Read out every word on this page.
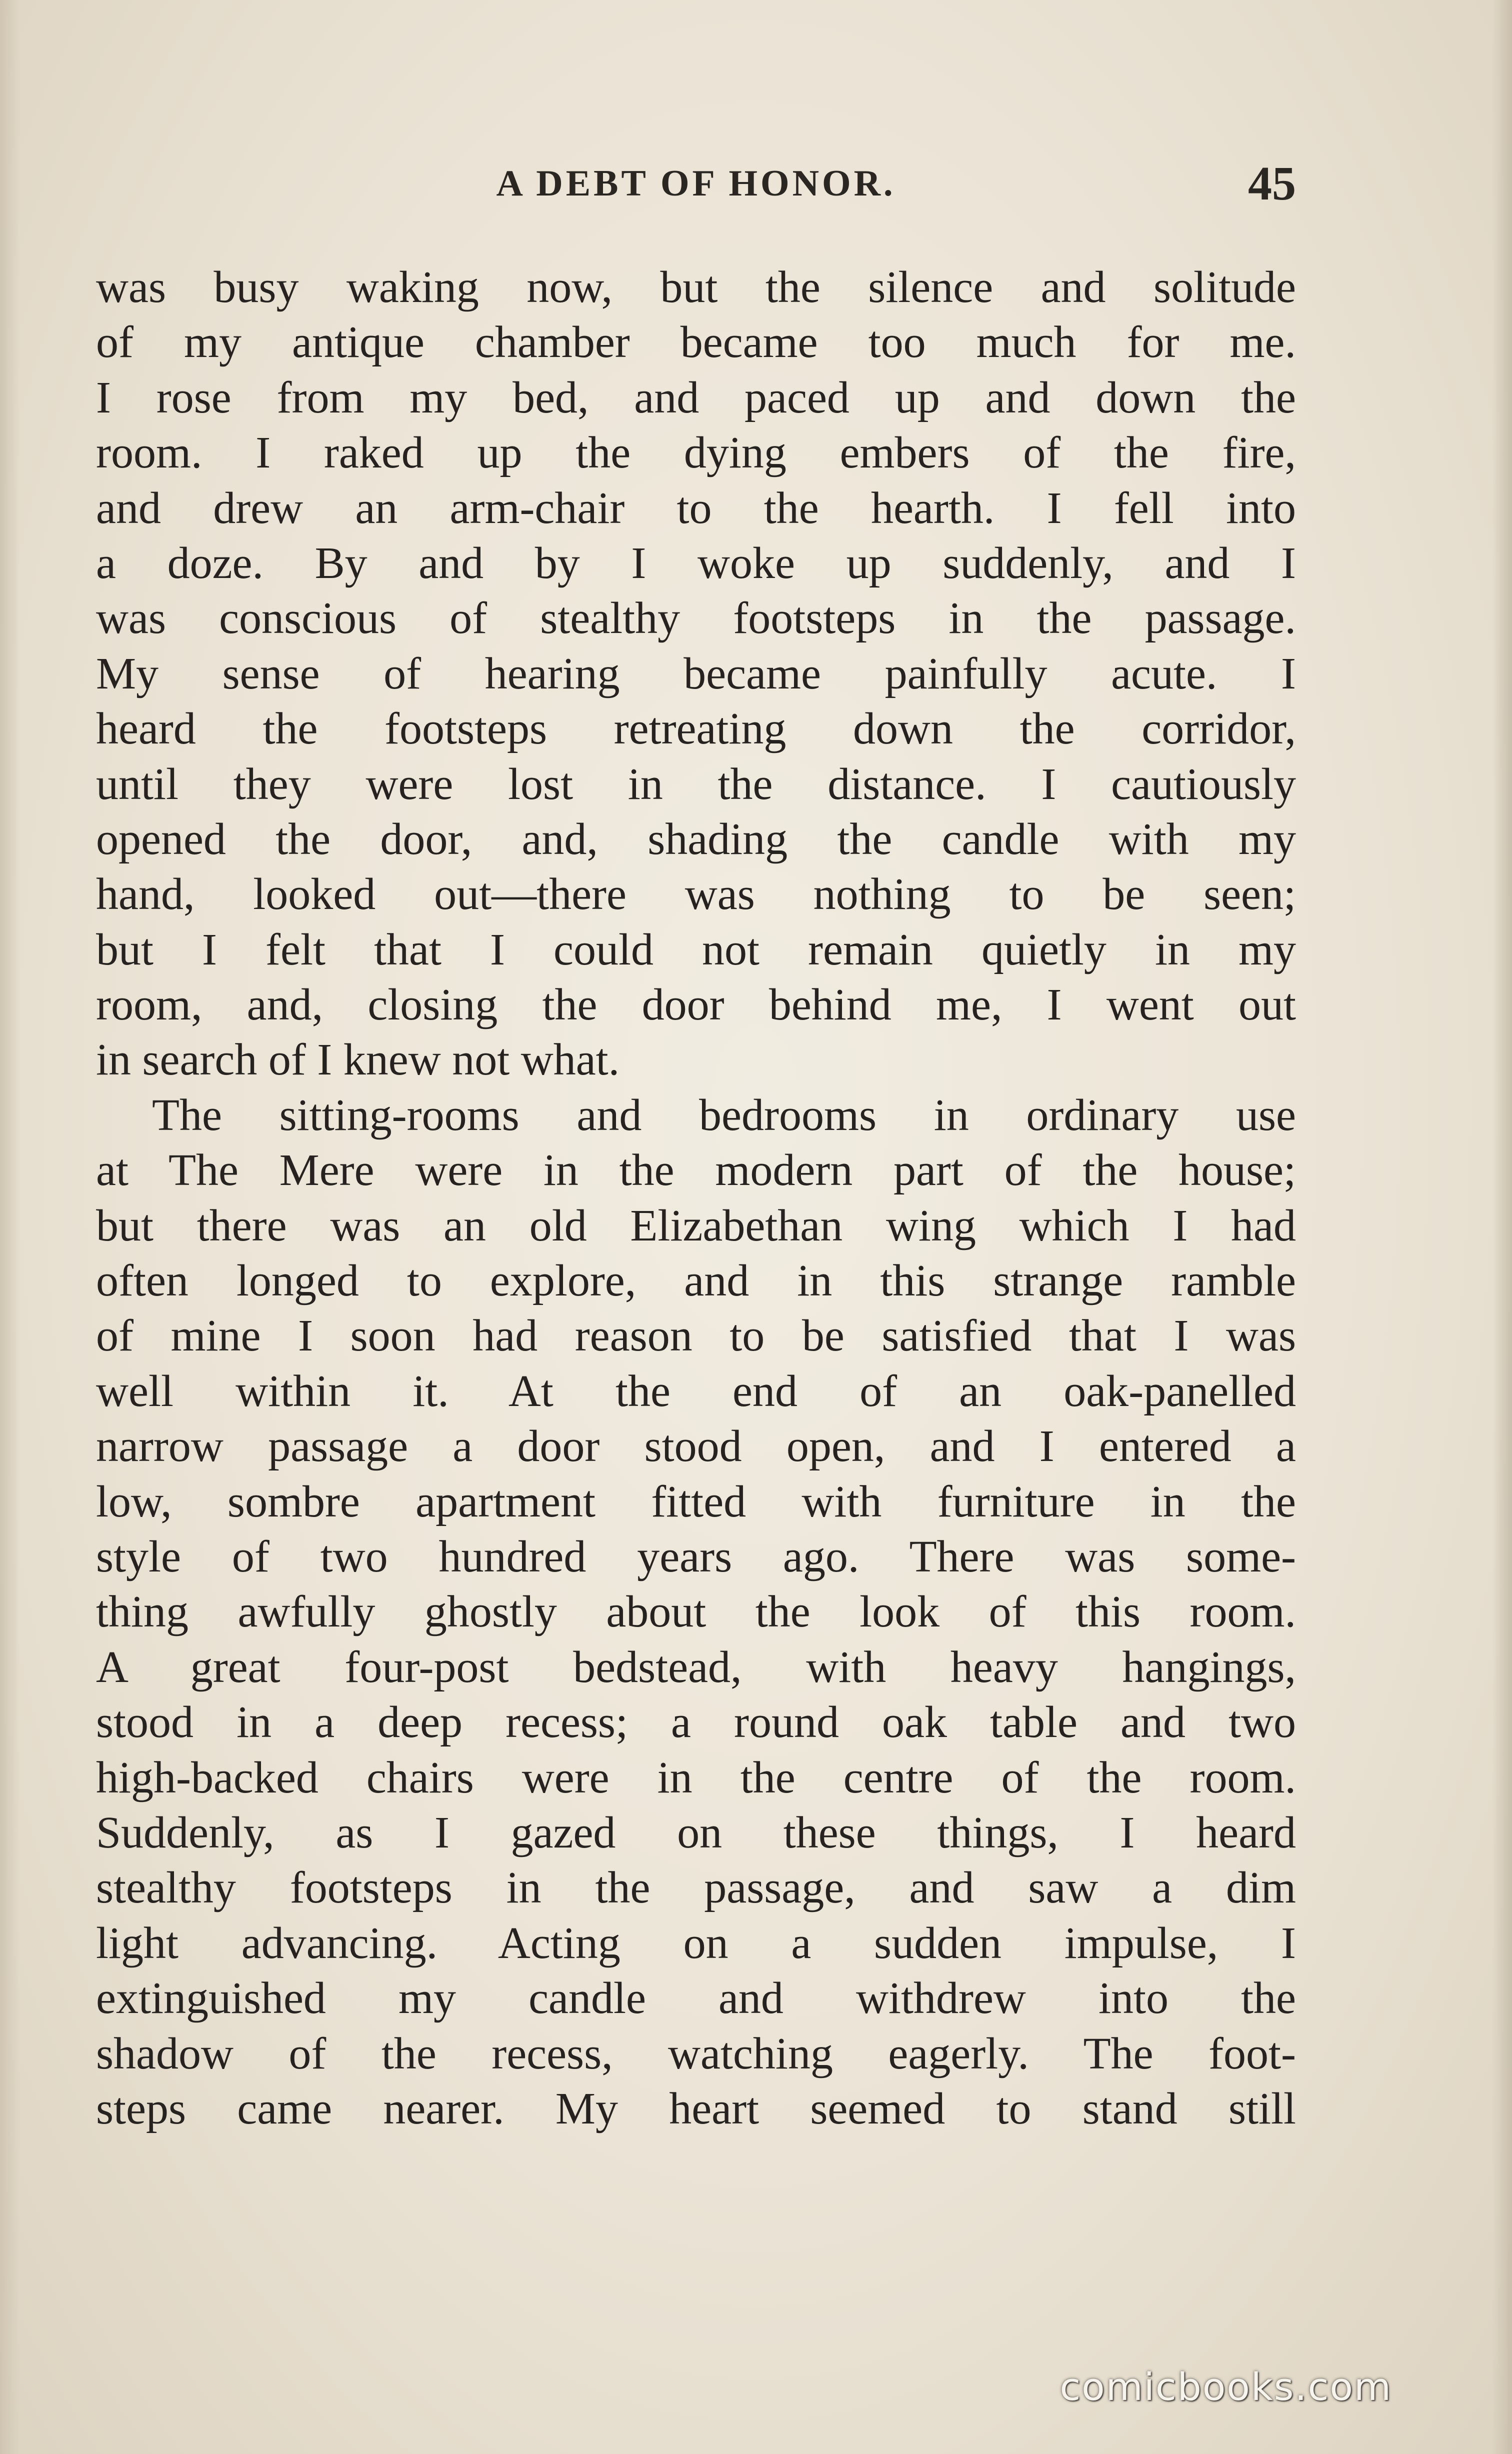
A DEBT OF HONOR.	45
was busy waking now, but the silence and solitude
of my antique chamber became too much for me.
I rose from my bed, and paced up and down the
room. I raked up the dying embers of the fire,
and drew an arm-chair to the hearth. I fell into
a doze. By and by I woke up suddenly, and I
was conscious of stealthy footsteps in the passage.
My sense of hearing became painfully acute. I
heard the footsteps retreating down the corridor,
until they were lost in the distance. I cautiously
opened the door, and, shading the candle with my
hand, looked out—there was nothing to be seen;
but I felt that I could not remain quietly in my
room, and, closing the door behind me, I went out
in search of I knew not what.
The sitting-rooms and bedrooms in ordinary use
at The Mere were in the modern part of the house;
but there was an old Elizabethan wing which I had
often longed to explore, and in this strange ramble
of mine I soon had reason to be satisfied that I was
well within it. At the end of an oak-panelled
narrow passage a door stood open, and I entered a
low, sombre apartment fitted with furniture in the
style of two hundred years ago. There was some-
thing awfully ghostly about the look of this room.
A great four-post bedstead, with heavy hangings,
stood in a deep recess; a round oak table and two
high-backed chairs were in the centre of the room.
Suddenly, as I gazed on these things, I heard
stealthy footsteps in the passage, and saw a dim
light advancing. Acting on a sudden impulse, I
extinguished my candle and withdrew into the
shadow of the recess, watching eagerly. The foot-
steps came nearer. My heart seemed to stand still
comicbooks.com
